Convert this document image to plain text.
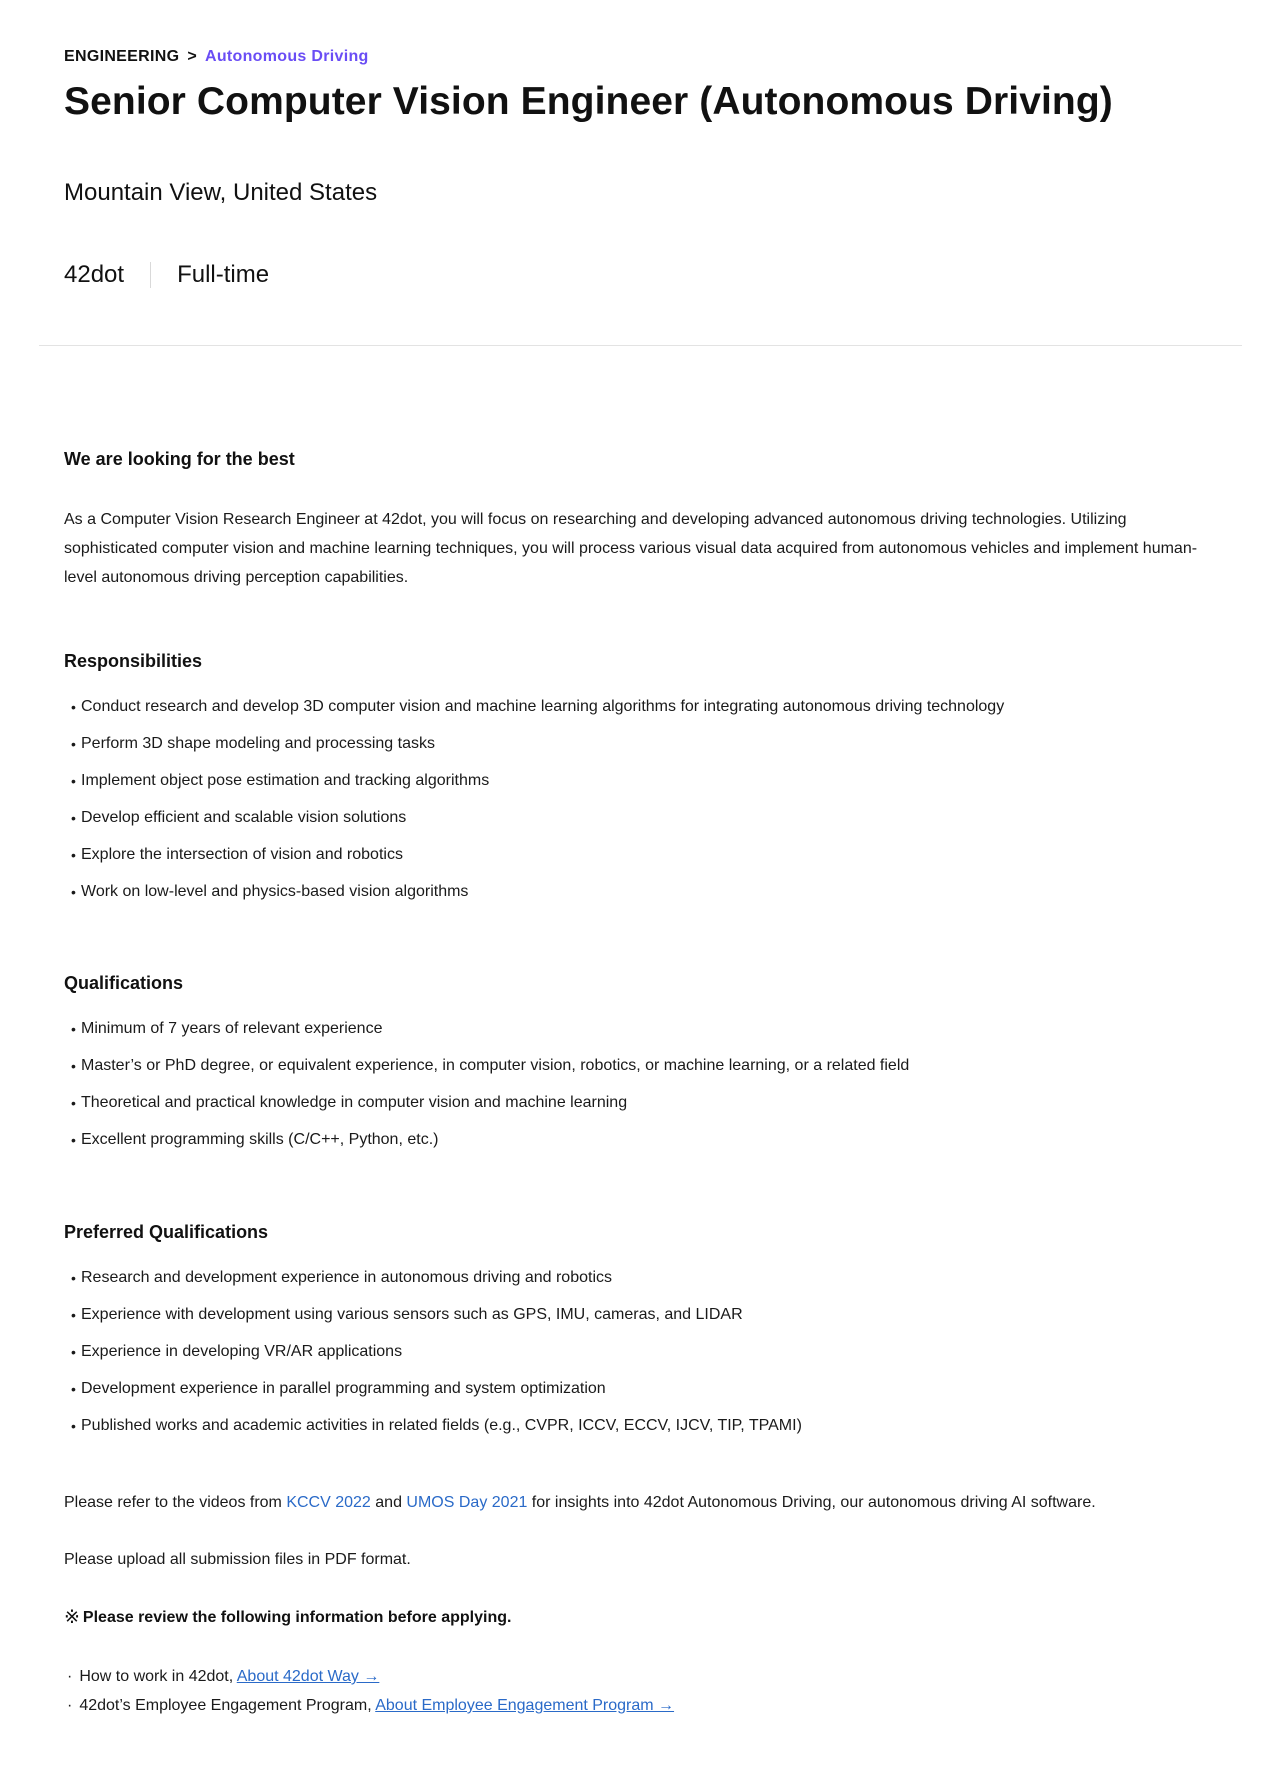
ENGINEERING > Autonomous Driving
Senior Computer Vision Engineer (Autonomous Driving)
Mountain View, United States
42dot Full-time
We are looking for the best

As a Computer Vision Research Engineer at 42dot, you will focus on researching and developing advanced autonomous driving technologies. Utilizing sophisticated computer vision and machine learning techniques, you will process various visual data acquired from autonomous vehicles and implement human-level autonomous driving perception capabilities.

Responsibilities
• Conduct research and develop 3D computer vision and machine learning algorithms for integrating autonomous driving technology
• Perform 3D shape modeling and processing tasks
• Implement object pose estimation and tracking algorithms
• Develop efficient and scalable vision solutions
• Explore the intersection of vision and robotics
• Work on low-level and physics-based vision algorithms
Qualifications
• Minimum of 7 years of relevant experience
• Master’s or PhD degree, or equivalent experience, in computer vision, robotics, or machine learning, or a related field
• Theoretical and practical knowledge in computer vision and machine learning
• Excellent programming skills (C/C++, Python, etc.)
Preferred Qualifications
• Research and development experience in autonomous driving and robotics
• Experience with development using various sensors such as GPS, IMU, cameras, and LIDAR
• Experience in developing VR/AR applications
• Development experience in parallel programming and system optimization
• Published works and academic activities in related fields (e.g., CVPR, ICCV, ECCV, IJCV, TIP, TPAMI)

Please refer to the videos from KCCV 2022 and UMOS Day 2021 for insights into 42dot Autonomous Driving, our autonomous driving AI software.

Please upload all submission files in PDF format.

※ Please review the following information before applying.
· How to work in 42dot, About 42dot Way →
· 42dot’s Employee Engagement Program, About Employee Engagement Program →
